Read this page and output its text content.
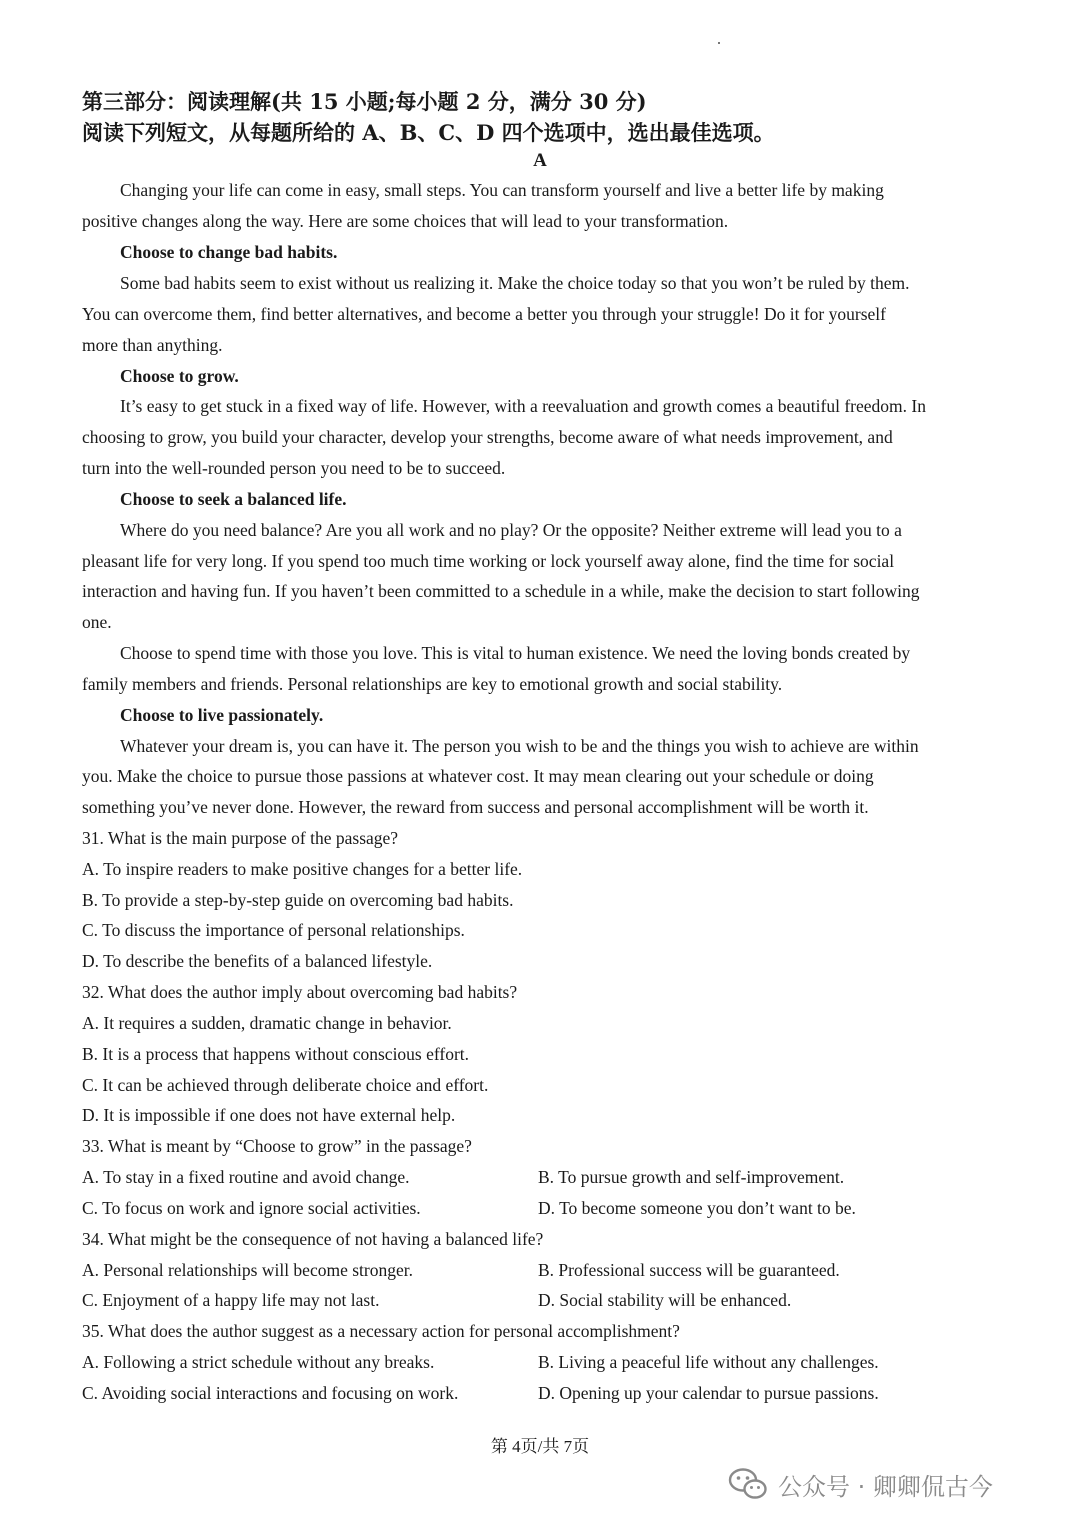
第三部分：阅读理解(共 15 小题;每小题 2 分，满分 30 分)
阅读下列短文，从每题所给的 A、B、C、D 四个选项中，选出最佳选项。
A
Changing your life can come in easy, small steps. You can transform yourself and live a better life by making
positive changes along the way. Here are some choices that will lead to your transformation.
Choose to change bad habits.
Some bad habits seem to exist without us realizing it. Make the choice today so that you won’t be ruled by them.
You can overcome them, find better alternatives, and become a better you through your struggle! Do it for yourself
more than anything.
Choose to grow.
It’s easy to get stuck in a fixed way of life. However, with a reevaluation and growth comes a beautiful freedom. In
choosing to grow, you build your character, develop your strengths, become aware of what needs improvement, and
turn into the well-rounded person you need to be to succeed.
Choose to seek a balanced life.
Where do you need balance? Are you all work and no play? Or the opposite? Neither extreme will lead you to a
pleasant life for very long. If you spend too much time working or lock yourself away alone, find the time for social
interaction and having fun. If you haven’t been committed to a schedule in a while, make the decision to start following
one.
Choose to spend time with those you love. This is vital to human existence. We need the loving bonds created by
family members and friends. Personal relationships are key to emotional growth and social stability.
Choose to live passionately.
Whatever your dream is, you can have it. The person you wish to be and the things you wish to achieve are within
you. Make the choice to pursue those passions at whatever cost. It may mean clearing out your schedule or doing
something you’ve never done. However, the reward from success and personal accomplishment will be worth it.
31. What is the main purpose of the passage?
A. To inspire readers to make positive changes for a better life.
B. To provide a step-by-step guide on overcoming bad habits.
C. To discuss the importance of personal relationships.
D. To describe the benefits of a balanced lifestyle.
32. What does the author imply about overcoming bad habits?
A. It requires a sudden, dramatic change in behavior.
B. It is a process that happens without conscious effort.
C. It can be achieved through deliberate choice and effort.
D. It is impossible if one does not have external help.
33. What is meant by “Choose to grow” in the passage?
A. To stay in a fixed routine and avoid change.	B. To pursue growth and self-improvement.
C. To focus on work and ignore social activities.	D. To become someone you don’t want to be.
34. What might be the consequence of not having a balanced life?
A. Personal relationships will become stronger.	B. Professional success will be guaranteed.
C. Enjoyment of a happy life may not last.	D. Social stability will be enhanced.
35. What does the author suggest as a necessary action for personal accomplishment?
A. Following a strict schedule without any breaks.	B. Living a peaceful life without any challenges.
C. Avoiding social interactions and focusing on work.	D. Opening up your calendar to pursue passions.
第 4页/共 7页
公众号 · 卿卿侃古今
